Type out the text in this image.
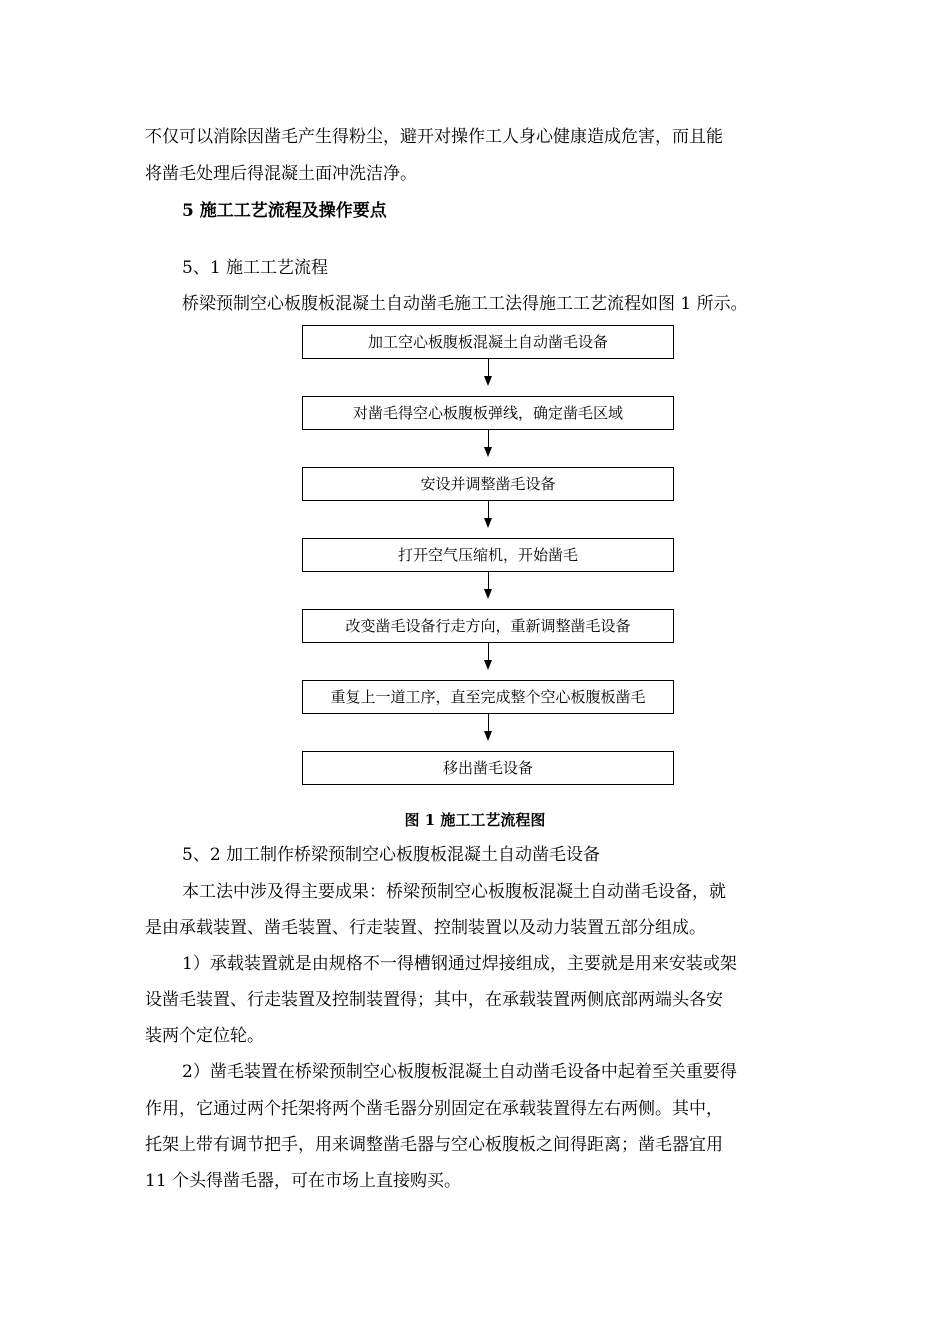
不仅可以消除因凿毛产生得粉尘，避开对操作工人身心健康造成危害，而且能
将凿毛处理后得混凝土面冲洗洁净。
5 施工工艺流程及操作要点
5、1 施工工艺流程
桥梁预制空心板腹板混凝土自动凿毛施工工法得施工工艺流程如图 1 所示。
加工空心板腹板混凝土自动凿毛设备
对凿毛得空心板腹板弹线，确定凿毛区域
安设并调整凿毛设备
打开空气压缩机，开始凿毛
改变凿毛设备行走方向，重新调整凿毛设备
重复上一道工序，直至完成整个空心板腹板凿毛
移出凿毛设备
图 1 施工工艺流程图
5、2 加工制作桥梁预制空心板腹板混凝土自动凿毛设备
本工法中涉及得主要成果：桥梁预制空心板腹板混凝土自动凿毛设备，就
是由承载装置、凿毛装置、行走装置、控制装置以及动力装置五部分组成。
1）承载装置就是由规格不一得槽钢通过焊接组成，主要就是用来安装或架
设凿毛装置、行走装置及控制装置得；其中，在承载装置两侧底部两端头各安
装两个定位轮。
2）凿毛装置在桥梁预制空心板腹板混凝土自动凿毛设备中起着至关重要得
作用，它通过两个托架将两个凿毛器分别固定在承载装置得左右两侧。其中，
托架上带有调节把手，用来调整凿毛器与空心板腹板之间得距离；凿毛器宜用
11 个头得凿毛器，可在市场上直接购买。
